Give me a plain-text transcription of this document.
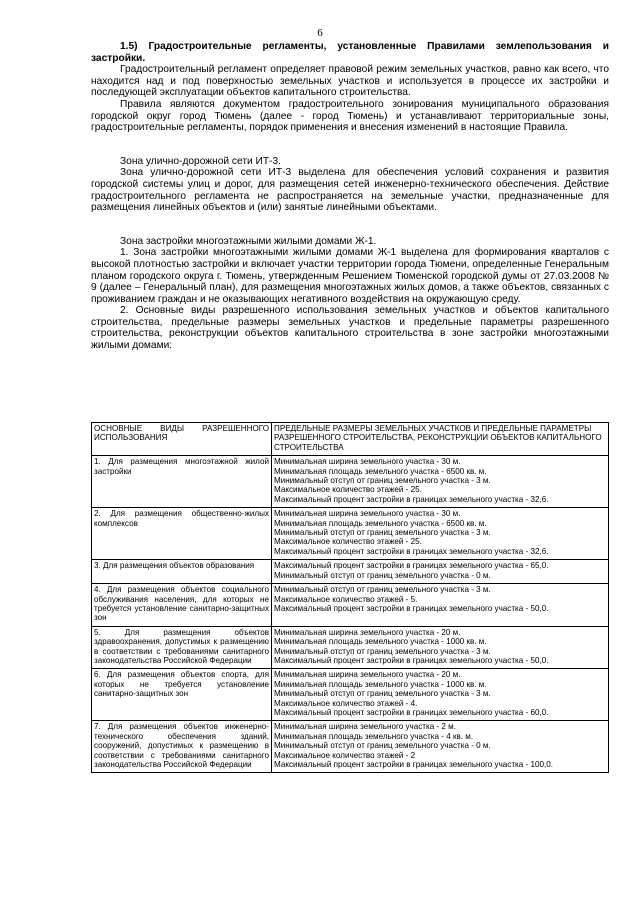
6

1.5) Градостроительные регламенты, установленные Правилами землепользования и застройки.

Градостроительный регламент определяет правовой режим земельных участков, равно как всего, что находится над и под поверхностью земельных участков и используется в процессе их застройки и последующей эксплуатации объектов капитального строительства.

Правила являются документом градостроительного зонирования муниципального образования городской округ город Тюмень (далее - город Тюмень) и устанавливают территориальные зоны, градостроительные регламенты, порядок применения и внесения изменений в настоящие Правила.

Зона улично-дорожной сети ИТ-3.

Зона улично-дорожной сети ИТ-3 выделена для обеспечения условий сохранения и развития городской системы улиц и дорог, для размещения сетей инженерно-технического обеспечения. Действие градостроительного регламента не распространяется на земельные участки, предназначенные для размещения линейных объектов и (или) занятые линейными объектами.

Зона застройки многоэтажными жилыми домами Ж-1.

1. Зона застройки многоэтажными жилыми домами Ж-1 выделена для формирования кварталов с высокой плотностью застройки и включает участки территории города Тюмени, определенные Генеральным планом городского округа г. Тюмень, утвержденным Решением Тюменской городской думы от 27.03.2008 № 9 (далее – Генеральный план), для размещения многоэтажных жилых домов, а также объектов, связанных с проживанием граждан и не оказывающих негативного воздействия на окружающую среду.

2. Основные виды разрешенного использования земельных участков и объектов капитального строительства, предельные размеры земельных участков и предельные параметры разрешенного строительства, реконструкции объектов капитального строительства в зоне застройки многоэтажными жилыми домами:

ОСНОВНЫЕ ВИДЫ РАЗРЕШЕННОГО ИСПОЛЬЗОВАНИЯ	ПРЕДЕЛЬНЫЕ РАЗМЕРЫ ЗЕМЕЛЬНЫХ УЧАСТКОВ И ПРЕДЕЛЬНЫЕ ПАРАМЕТРЫ РАЗРЕШЕННОГО СТРОИТЕЛЬСТВА, РЕКОНСТРУКЦИИ ОБЪЕКТОВ КАПИТАЛЬНОГО СТРОИТЕЛЬСТВА
1. Для размещения многоэтажной жилой застройки	Минимальная ширина земельного участка - 30 м.
Минимальная площадь земельного участка - 6500 кв. м.
Минимальный отступ от границ земельного участка - 3 м.
Максимальное количество этажей - 25.
Максимальный процент застройки в границах земельного участка - 32,6.

2. Для размещения общественно-жилых комплексов	Минимальная ширина земельного участка - 30 м.
Минимальная площадь земельного участка - 6500 кв. м.
Минимальный отступ от границ земельного участка - 3 м.
Максимальное количество этажей - 25.
Максимальный процент застройки в границах земельного участка - 32,6.

3. Для размещения объектов образования	Максимальный процент застройки в границах земельного участка - 65,0.
Минимальный отступ от границ земельного участка - 0 м.

4. Для размещения объектов социального обслуживания населения, для которых не требуется установление санитарно-защитных зон	Минимальный отступ от границ земельного участка - 3 м.
Максимальное количество этажей - 5.
Максимальный процент застройки в границах земельного участка - 50,0.

5. Для размещения объектов здравоохранения, допустимых к размещению в соответствии с требованиями санитарного законодательства Российской Федерации	Минимальная ширина земельного участка - 20 м.
Минимальная площадь земельного участка - 1000 кв. м.
Минимальный отступ от границ земельного участка - 3 м.
Максимальный процент застройки в границах земельного участка - 50,0.

6. Для размещения объектов спорта, для которых не требуется установление санитарно-защитных зон	Минимальная ширина земельного участка - 20 м.
Минимальная площадь земельного участка - 1000 кв. м.
Минимальный отступ от границ земельного участка - 3 м.
Максимальное количество этажей - 4.
Максимальный процент застройки в границах земельного участка - 60,0.

7. Для размещения объектов инженерно-технического обеспечения зданий, сооружений, допустимых к размещению в соответствии с требованиями санитарного законодательства Российской Федерации	Минимальная ширина земельного участка - 2 м.
Минимальная площадь земельного участка - 4 кв. м.
Минимальный отступ от границ земельного участка - 0 м.
Максимальное количество этажей - 2
Максимальный процент застройки в границах земельного участка - 100,0.
